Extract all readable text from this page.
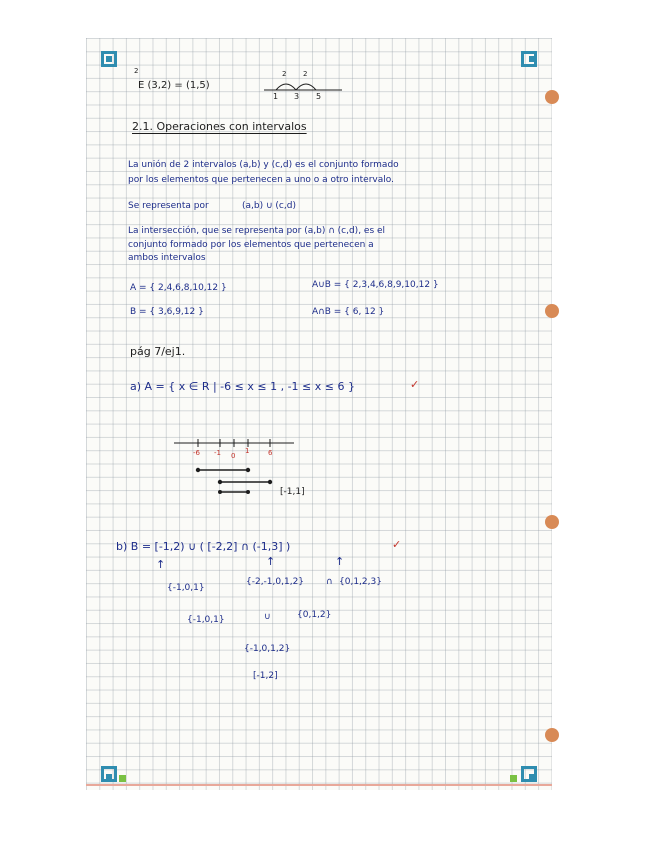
2
E (3,2) = (1,5)
2 2
1 3 5
2.1. Operaciones con intervalos
La unión de 2 intervalos (a,b) y (c,d) es el conjunto formado
por los elementos que pertenecen a uno o a otro intervalo.
Se representa por	(a,b) ∪ (c,d)
La intersección, que se representa por (a,b) ∩ (c,d), es el
conjunto formado por los elementos que pertenecen a
ambos intervalos
A = { 2,4,6,8,10,12 }
B = { 3,6,9,12 }
A∪B = { 2,3,4,6,8,9,10,12 }
A∩B = { 6, 12 }
pág 7/ej1.
a) A = { x ∈ R | -6 ≤ x ≤ 1 , -1 ≤ x ≤ 6 }	✓
-6 -1 0
1	6
[-1,1]
b) B = [-1,2) ∪ ( [-2,2] ∩ (-1,3] )	✓
↑	↑	↑
{-1,0,1}
{-2,-1,0,1,2} ∩ {0,1,2,3}
{-1,0,1}	∪	{0,1,2}
{-1,0,1,2}
[-1,2]
